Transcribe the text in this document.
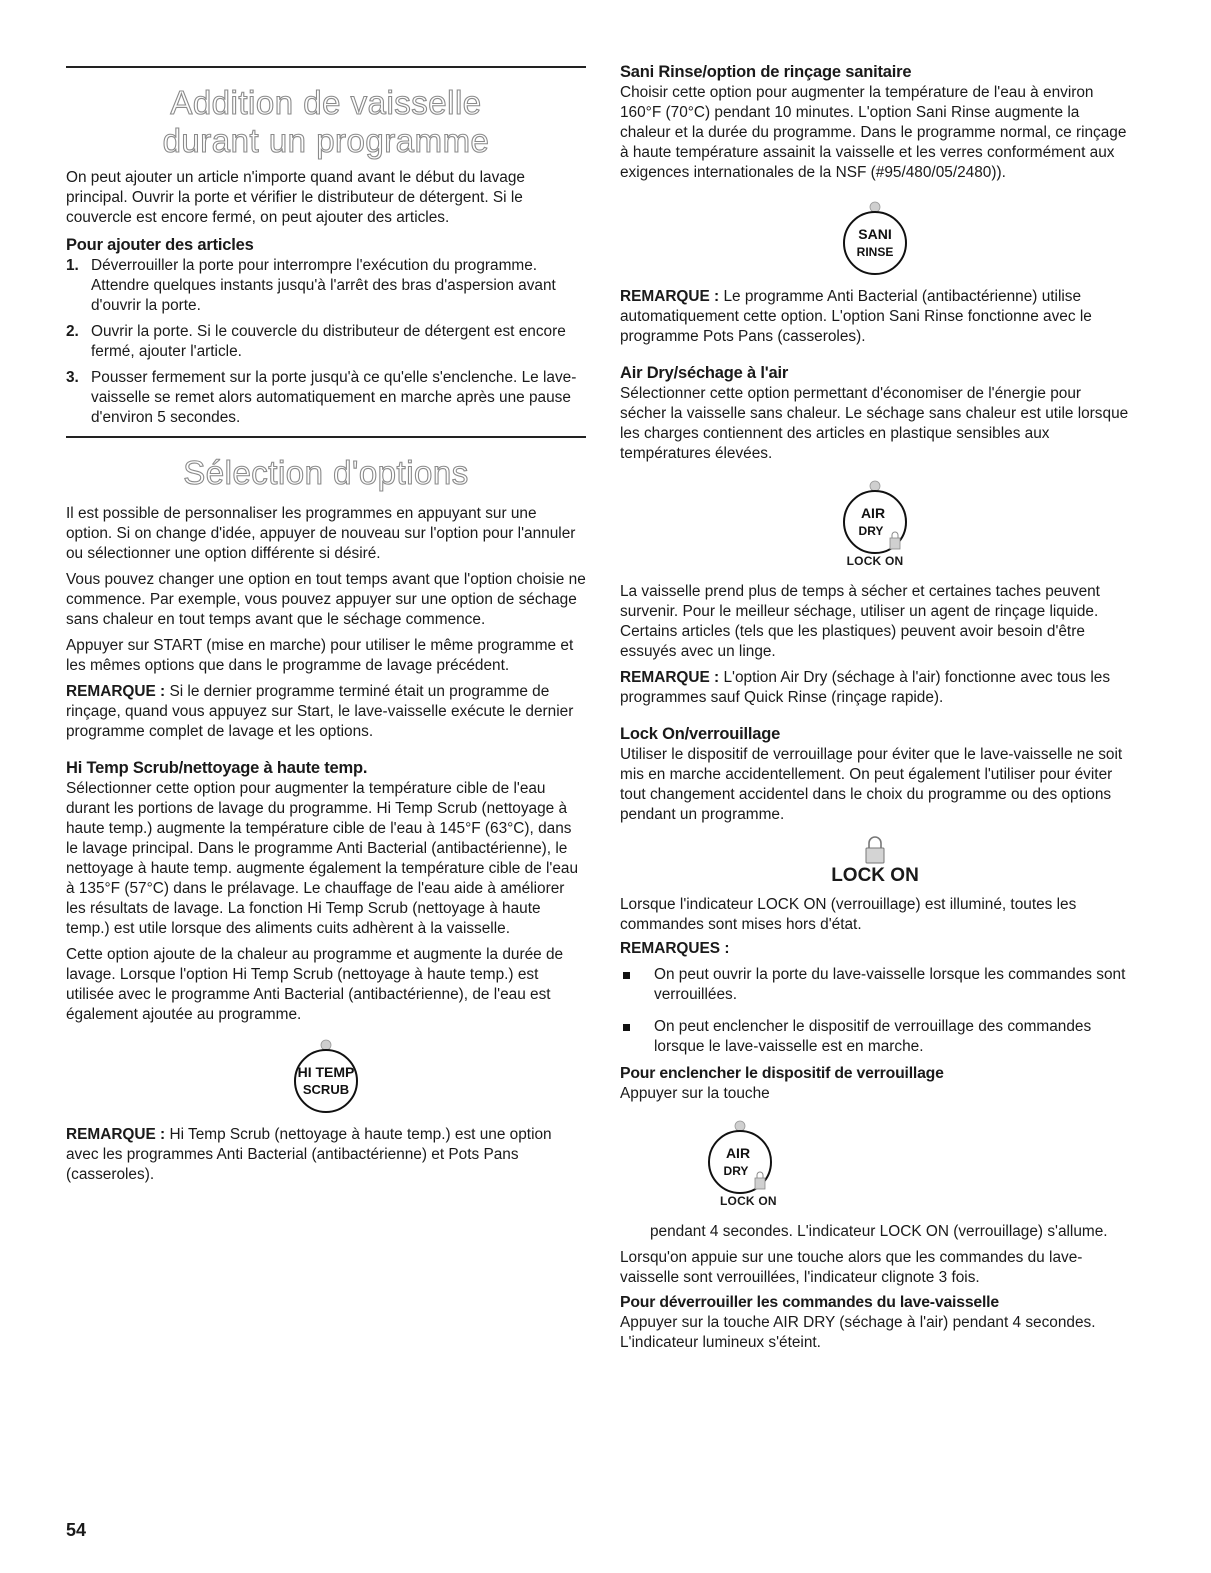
Addition de vaisselle
durant un programme

On peut ajouter un article n'importe quand avant le début du lavage principal. Ouvrir la porte et vérifier le distributeur de détergent. Si le couvercle est encore fermé, on peut ajouter des articles.

Pour ajouter des articles
1. Déverrouiller la porte pour interrompre l'exécution du programme. Attendre quelques instants jusqu'à l'arrêt des bras d'aspersion avant d'ouvrir la porte.
2. Ouvrir la porte. Si le couvercle du distributeur de détergent est encore fermé, ajouter l'article.
3. Pousser fermement sur la porte jusqu'à ce qu'elle s'enclenche. Le lave-vaisselle se remet alors automatiquement en marche après une pause d'environ 5 secondes.
Sélection d'options

Il est possible de personnaliser les programmes en appuyant sur une option. Si on change d'idée, appuyer de nouveau sur l'option pour l'annuler ou sélectionner une option différente si désiré.

Vous pouvez changer une option en tout temps avant que l'option choisie ne commence. Par exemple, vous pouvez appuyer sur une option de séchage sans chaleur en tout temps avant que le séchage commence.

Appuyer sur START (mise en marche) pour utiliser le même programme et les mêmes options que dans le programme de lavage précédent.

REMARQUE : Si le dernier programme terminé était un programme de rinçage, quand vous appuyez sur Start, le lave-vaisselle exécute le dernier programme complet de lavage et les options.

Hi Temp Scrub/nettoyage à haute temp.

Sélectionner cette option pour augmenter la température cible de l'eau durant les portions de lavage du programme. Hi Temp Scrub (nettoyage à haute temp.) augmente la température cible de l'eau à 145°F (63°C), dans le lavage principal. Dans le programme Anti Bacterial (antibactérienne), le nettoyage à haute temp. augmente également la température cible de l'eau à 135°F (57°C) dans le prélavage. Le chauffage de l'eau aide à améliorer les résultats de lavage. La fonction Hi Temp Scrub (nettoyage à haute temp.) est utile lorsque des aliments cuits adhèrent à la vaisselle.

Cette option ajoute de la chaleur au programme et augmente la durée de lavage. Lorsque l'option Hi Temp Scrub (nettoyage à haute temp.) est utilisée avec le programme Anti Bacterial (antibactérienne), de l'eau est également ajoutée au programme.

HI TEMP
SCRUB

REMARQUE : Hi Temp Scrub (nettoyage à haute temp.) est une option avec les programmes Anti Bacterial (antibactérienne) et Pots Pans (casseroles).

54
Sani Rinse/option de rinçage sanitaire

Choisir cette option pour augmenter la température de l'eau à environ 160°F (70°C) pendant 10 minutes. L'option Sani Rinse augmente la chaleur et la durée du programme. Dans le programme normal, ce rinçage à haute température assainit la vaisselle et les verres conformément aux exigences internationales de la NSF (#95/480/05/2480)).

SANI
RINSE

REMARQUE : Le programme Anti Bacterial (antibactérienne) utilise automatiquement cette option. L'option Sani Rinse fonctionne avec le programme Pots Pans (casseroles).

Air Dry/séchage à l'air

Sélectionner cette option permettant d'économiser de l'énergie pour sécher la vaisselle sans chaleur. Le séchage sans chaleur est utile lorsque les charges contiennent des articles en plastique sensibles aux températures élevées.

AIR
DRY
LOCK ON

La vaisselle prend plus de temps à sécher et certaines taches peuvent survenir. Pour le meilleur séchage, utiliser un agent de rinçage liquide. Certains articles (tels que les plastiques) peuvent avoir besoin d'être essuyés avec un linge.

REMARQUE : L'option Air Dry (séchage à l'air) fonctionne avec tous les programmes sauf Quick Rinse (rinçage rapide).

Lock On/verrouillage

Utiliser le dispositif de verrouillage pour éviter que le lave-vaisselle ne soit mis en marche accidentellement. On peut également l'utiliser pour éviter tout changement accidentel dans le choix du programme ou des options pendant un programme.

LOCK ON

Lorsque l'indicateur LOCK ON (verrouillage) est illuminé, toutes les commandes sont mises hors d'état.

REMARQUES :

On peut ouvrir la porte du lave-vaisselle lorsque les commandes sont verrouillées.
On peut enclencher le dispositif de verrouillage des commandes lorsque le lave-vaisselle est en marche.
Pour enclencher le dispositif de verrouillage

Appuyer sur la touche

AIR
DRY
LOCK ON

pendant 4 secondes. L'indicateur LOCK ON (verrouillage) s'allume.

Lorsqu'on appuie sur une touche alors que les commandes du lave-vaisselle sont verrouillées, l'indicateur clignote 3 fois.

Pour déverrouiller les commandes du lave-vaisselle

Appuyer sur la touche AIR DRY (séchage à l'air) pendant 4 secondes. L'indicateur lumineux s'éteint.
